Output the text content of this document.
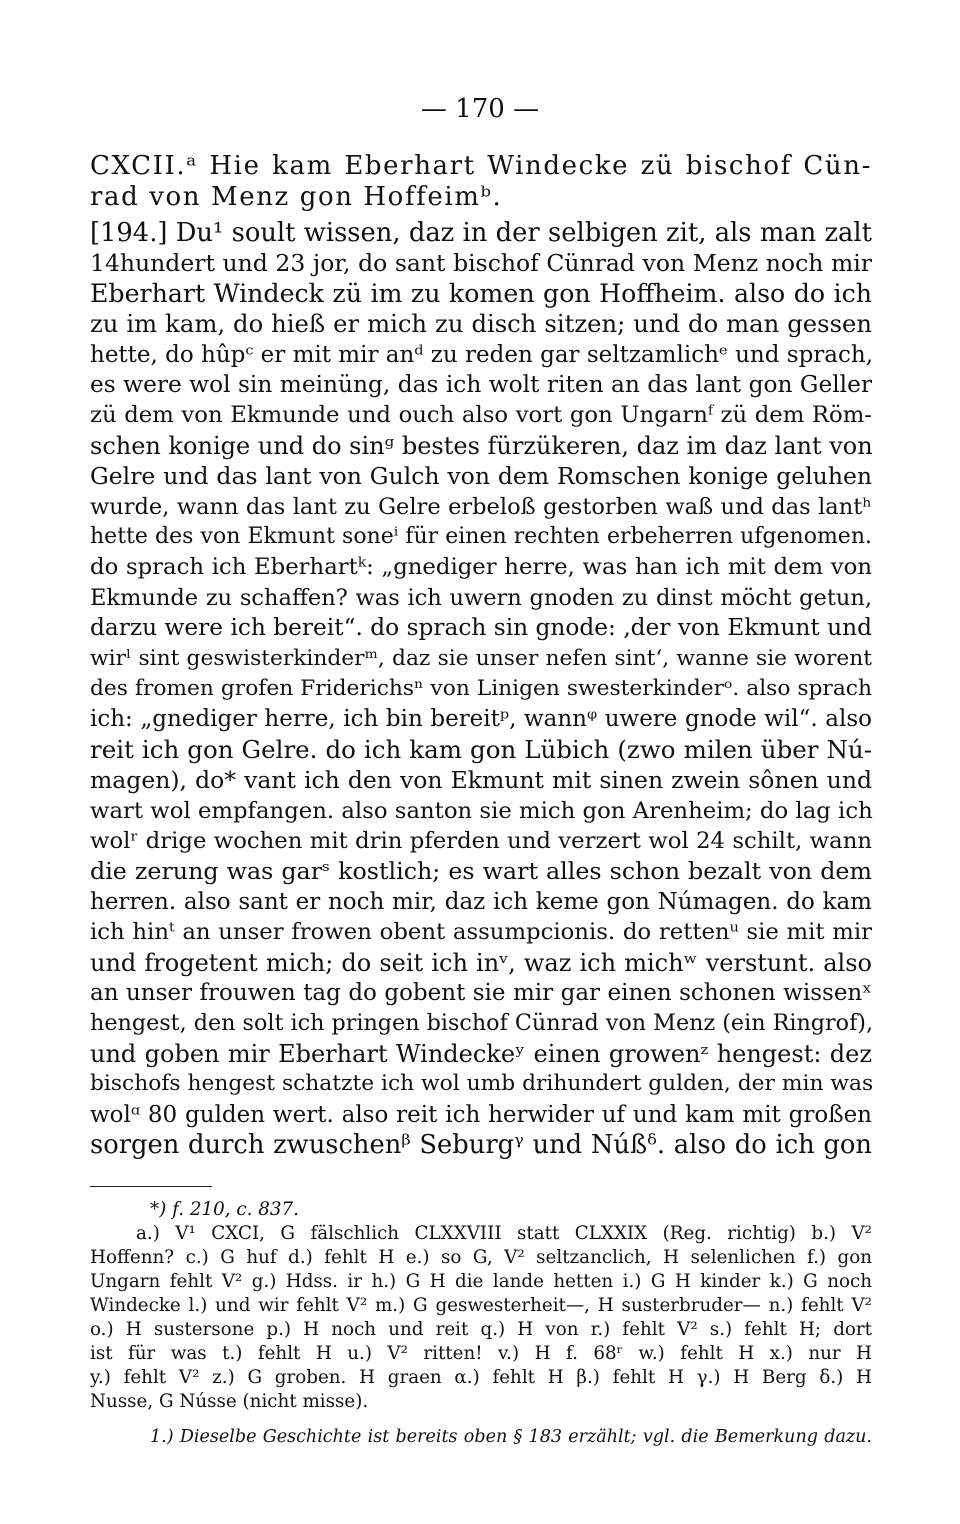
— 170 —
CXCII.ᵃ Hie kam Eberhart Windecke zü bischof Cün-
rad von Menz gon Hoffeimᵇ.
[194.] Du¹ soult wissen, daz in der selbigen zit, als man zalt
14hundert und 23 jor, do sant bischof Cünrad von Menz noch mir
Eberhart Windeck zü im zu komen gon Hoffheim. also do ich
zu im kam, do hieß er mich zu disch sitzen; und do man gessen
hette, do hûpᶜ er mit mir anᵈ zu reden gar seltzamlichᵉ und sprach,
es were wol sin meinüng, das ich wolt riten an das lant gon Geller
zü dem von Ekmunde und ouch also vort gon Ungarnᶠ zü dem Röm-
schen konige und do sinᵍ bestes fürzükeren, daz im daz lant von
Gelre und das lant von Gulch von dem Romschen konige geluhen
wurde, wann das lant zu Gelre erbeloß gestorben waß und das lantʰ
hette des von Ekmunt soneⁱ für einen rechten erbeherren ufgenomen.
do sprach ich Eberhartᵏ: „gnediger herre, was han ich mit dem von
Ekmunde zu schaffen? was ich uwern gnoden zu dinst möcht getun,
darzu were ich bereit“. do sprach sin gnode: ‚der von Ekmunt und
wirˡ sint geswisterkinderᵐ, daz sie unser nefen sint‘, wanne sie worent
des fromen grofen Friderichsⁿ von Linigen swesterkinderᵒ. also sprach
ich: „gnediger herre, ich bin bereitᵖ, wannᵠ uwere gnode wil“. also
reit ich gon Gelre. do ich kam gon Lübich (zwo milen über Nú-
magen), do* vant ich den von Ekmunt mit sinen zwein sônen und
wart wol empfangen. also santon sie mich gon Arenheim; do lag ich
wolʳ drige wochen mit drin pferden und verzert wol 24 schilt, wann
die zerung was garˢ kostlich; es wart alles schon bezalt von dem
herren. also sant er noch mir, daz ich keme gon Númagen. do kam
ich hinᵗ an unser frowen obent assumpcionis. do rettenᵘ sie mit mir
und frogetent mich; do seit ich inᵛ, waz ich michʷ verstunt. also
an unser frouwen tag do gobent sie mir gar einen schonen wissenˣ
hengest, den solt ich pringen bischof Cünrad von Menz (ein Ringrof),
und goben mir Eberhart Windeckeʸ einen growenᶻ hengest: dez
bischofs hengest schatzte ich wol umb drihundert gulden, der min was
wolᵅ 80 gulden wert. also reit ich herwider uf und kam mit großen
sorgen durch zwuschenᵝ Seburgᵞ und Núßᵟ. also do ich gon
*) f. 210, c. 837.
a.) V¹ CXCI, G fälschlich CLXXVIII statt CLXXIX (Reg. richtig) b.) V²
Hoffenn? c.) G huf d.) fehlt H e.) so G, V² seltzanclich, H selenlichen f.) gon
Ungarn fehlt V² g.) Hdss. ir h.) G H die lande hetten i.) G H kinder k.) G noch
Windecke l.) und wir fehlt V² m.) G geswesterheit—, H susterbruder— n.) fehlt V²
o.) H sustersone p.) H noch und reit q.) H von r.) fehlt V² s.) fehlt H; dort
ist für was t.) fehlt H u.) V² ritten! v.) H f. 68ʳ w.) fehlt H x.) nur H
y.) fehlt V² z.) G groben. H graen α.) fehlt H β.) fehlt H γ.) H Berg δ.) H
Nusse, G Nússe (nicht misse).
1.) Dieselbe Geschichte ist bereits oben § 183 erzählt; vgl. die Bemerkung dazu.
